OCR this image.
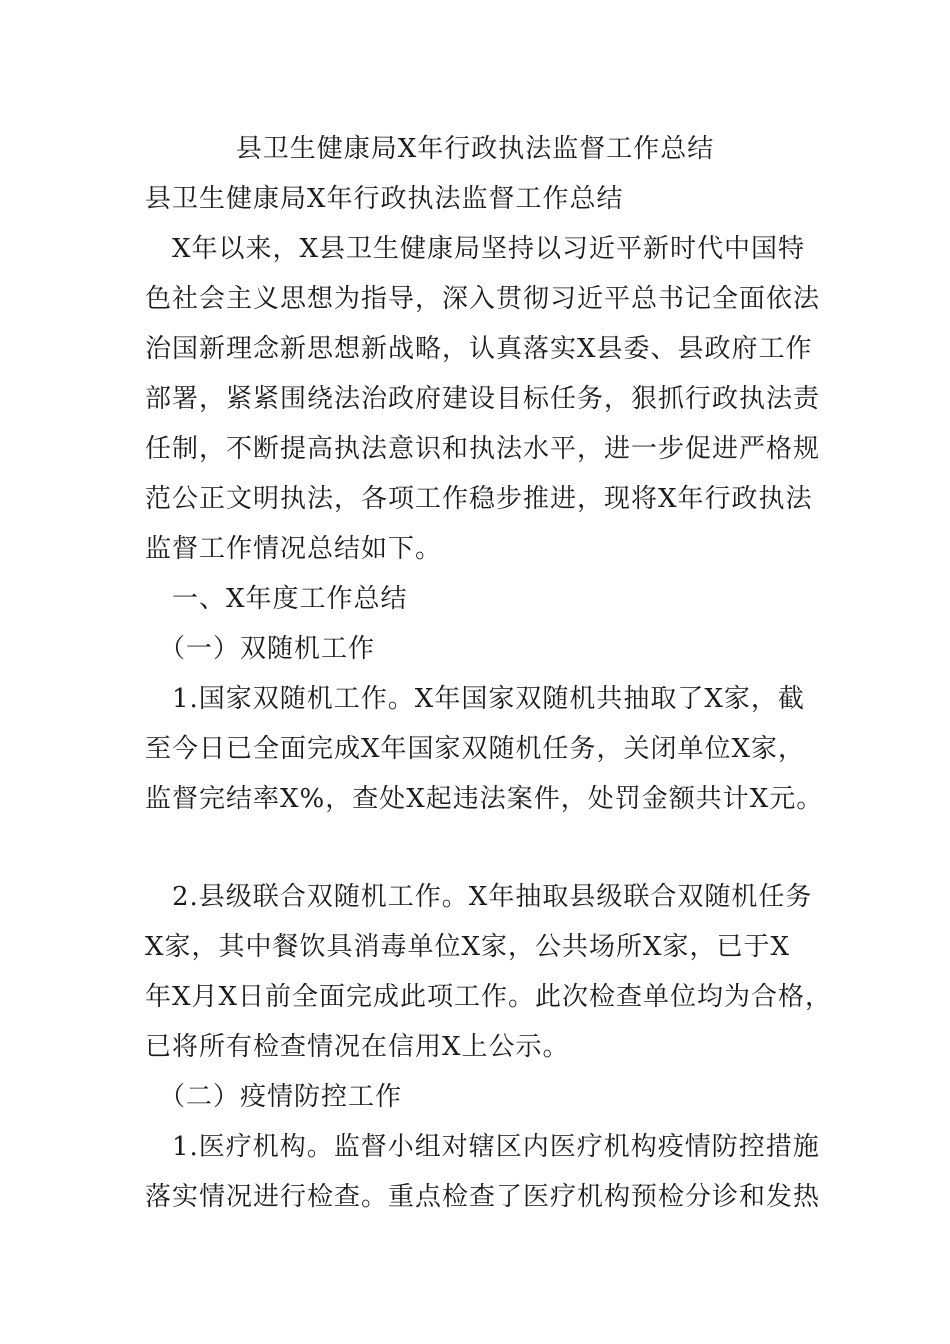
县卫生健康局X年行政执法监督工作总结
县卫生健康局X年行政执法监督工作总结
　X年以来，X县卫生健康局坚持以习近平新时代中国特
色社会主义思想为指导，深入贯彻习近平总书记全面依法
治国新理念新思想新战略，认真落实X县委、县政府工作
部署，紧紧围绕法治政府建设目标任务，狠抓行政执法责
任制，不断提高执法意识和执法水平，进一步促进严格规
范公正文明执法，各项工作稳步推进，现将X年行政执法
监督工作情况总结如下。
　一、X年度工作总结
　（一）双随机工作
　1.国家双随机工作。X年国家双随机共抽取了X家，截
至今日已全面完成X年国家双随机任务，关闭单位X家，
监督完结率X%，查处X起违法案件，处罚金额共计X元。
　2.县级联合双随机工作。X年抽取县级联合双随机任务
X家，其中餐饮具消毒单位X家，公共场所X家，已于X
年X月X日前全面完成此项工作。此次检查单位均为合格，
已将所有检查情况在信用X上公示。
　（二）疫情防控工作
　1.医疗机构。监督小组对辖区内医疗机构疫情防控措施
落实情况进行检查。重点检查了医疗机构预检分诊和发热
